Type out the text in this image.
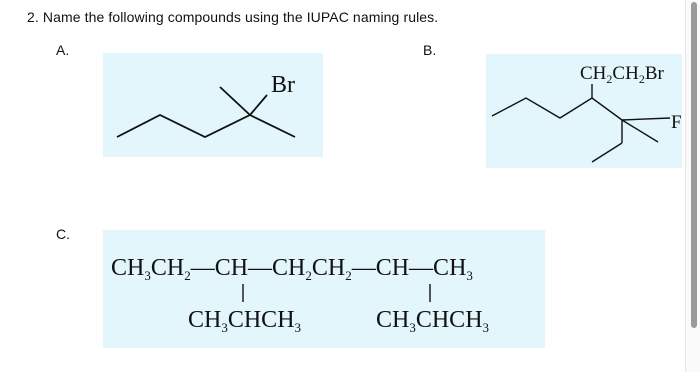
2. Name the following compounds using the IUPAC naming rules.
A.	B.
C.
Br	$CH_2CH_2Br$
F
$CH_3CH_2—CH—CH_2CH_2—CH—CH_3$
$CH_3CHCH_3$	$CH_3CHCH_3$
